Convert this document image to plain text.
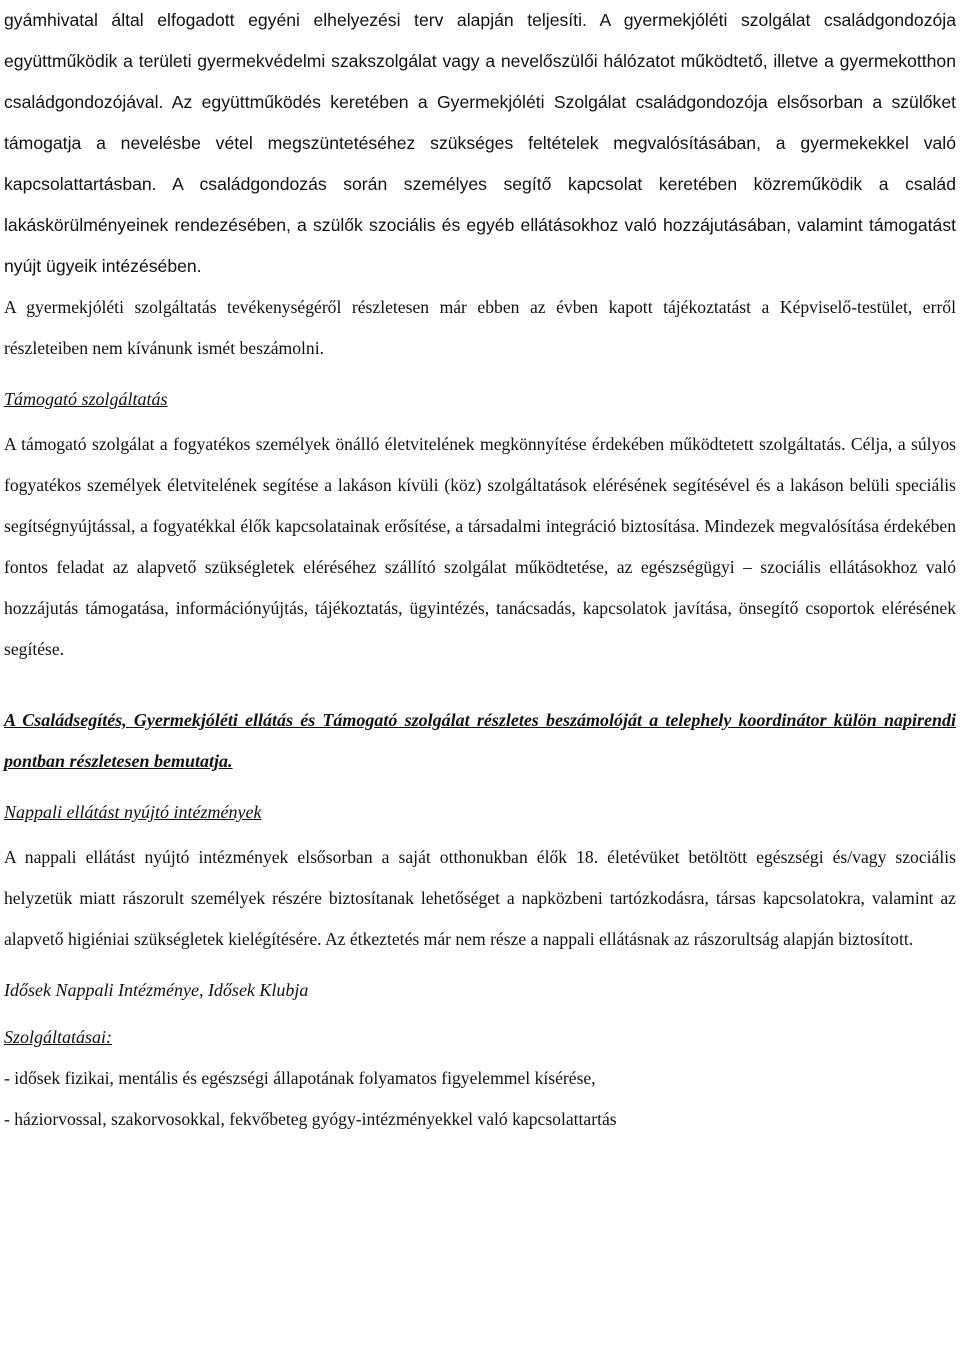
gyámhivatal által elfogadott egyéni elhelyezési terv alapján teljesíti. A gyermekjóléti szolgálat családgondozója együttműködik a területi gyermekvédelmi szakszolgálat vagy a nevelőszülői hálózatot működtető, illetve a gyermekotthon családgondozójával. Az együttműködés keretében a Gyermekjóléti Szolgálat családgondozója elsősorban a szülőket támogatja a nevelésbe vétel megszüntetéséhez szükséges feltételek megvalósításában, a gyermekekkel való kapcsolattartásban. A családgondozás során személyes segítő kapcsolat keretében közreműködik a család lakáskörülményeinek rendezésében, a szülők szociális és egyéb ellátásokhoz való hozzájutásában, valamint támogatást nyújt ügyeik intézésében.

A gyermekjóléti szolgáltatás tevékenységéről részletesen már ebben az évben kapott tájékoztatást a Képviselő-testület, erről részleteiben nem kívánunk ismét beszámolni.

Támogató szolgáltatás

A támogató szolgálat a fogyatékos személyek önálló életvitelének megkönnyítése érdekében működtetett szolgáltatás. Célja, a súlyos fogyatékos személyek életvitelének segítése a lakáson kívüli (köz) szolgáltatások elérésének segítésével és a lakáson belüli speciális segítségnyújtással, a fogyatékkal élők kapcsolatainak erősítése, a társadalmi integráció biztosítása. Mindezek megvalósítása érdekében fontos feladat az alapvető szükségletek eléréséhez szállító szolgálat működtetése, az egészségügyi – szociális ellátásokhoz való hozzájutás támogatása, információnyújtás, tájékoztatás, ügyintézés, tanácsadás, kapcsolatok javítása, önsegítő csoportok elérésének segítése.

A Családsegítés, Gyermekjóléti ellátás és Támogató szolgálat részletes beszámolóját a telephely koordinátor külön napirendi pontban részletesen bemutatja.

Nappali ellátást nyújtó intézmények

A nappali ellátást nyújtó intézmények elsősorban a saját otthonukban élők 18. életévüket betöltött egészségi és/vagy szociális helyzetük miatt rászorult személyek részére biztosítanak lehetőséget a napközbeni tartózkodásra, társas kapcsolatokra, valamint az alapvető higiéniai szükségletek kielégítésére. Az étkeztetés már nem része a nappali ellátásnak az rászorultság alapján biztosított.

Idősek Nappali Intézménye, Idősek Klubja

Szolgáltatásai:

- idősek fizikai, mentális és egészségi állapotának folyamatos figyelemmel kísérése,

- háziorvossal, szakorvosokkal, fekvőbeteg gyógy-intézményekkel való kapcsolattartás
